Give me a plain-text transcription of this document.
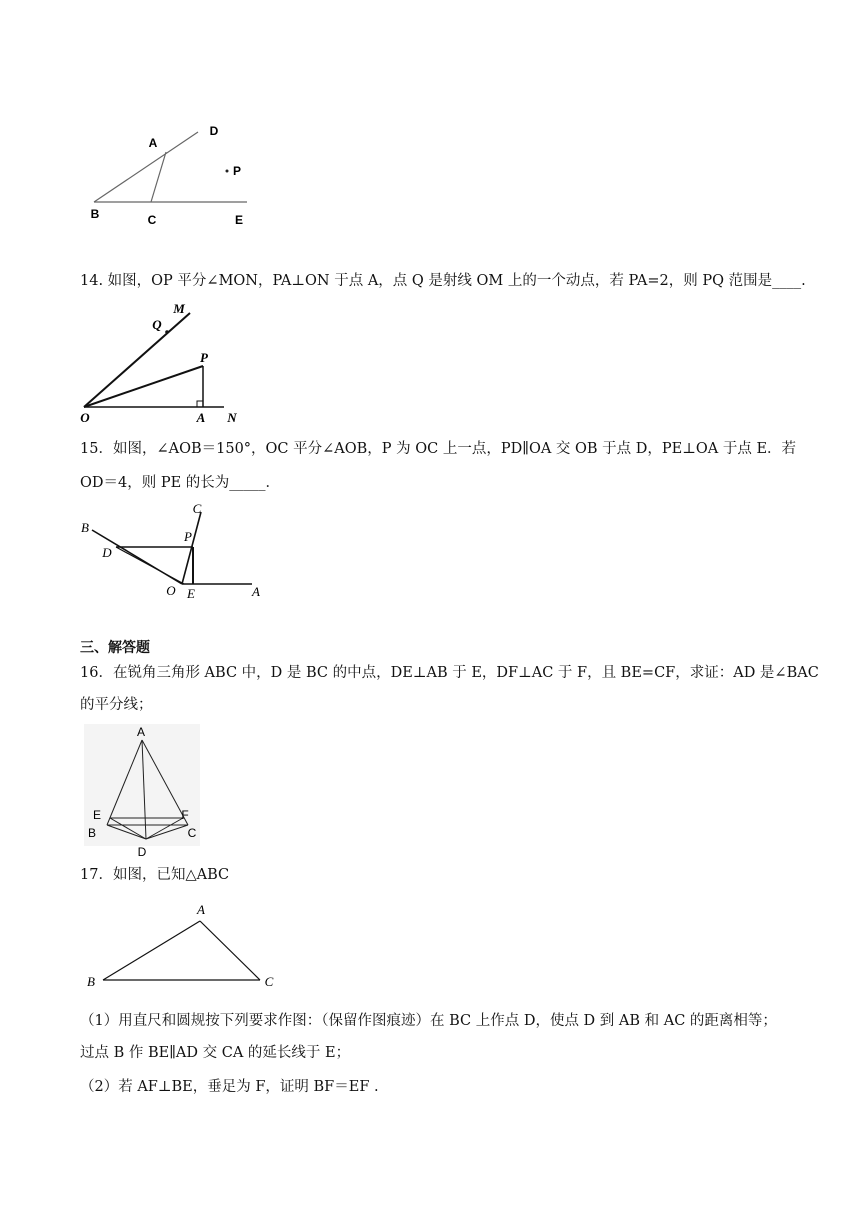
A
D
P
B	C	E
14. 如图，OP 平分∠MON，PA⊥ON 于点 A，点 Q 是射线 OM 上的一个动点，若 PA=2，则 PQ 范围是____.
M
Q
P
O	A N
15．如图，∠AOB＝150°，OC 平分∠AOB，P 为 OC 上一点，PD∥OA 交 OB 于点 D，PE⊥OA 于点 E．若
OD＝4，则 PE 的长为_____．
B
C
D
P
O E	A
三、解答题
16．在锐角三角形 ABC 中，D 是 BC 的中点，DE⊥AB 于 E，DF⊥AC 于 F，且 BE=CF，求证：AD 是∠BAC
的平分线；
A
E	F
B	C
D
17．如图，已知△ABC
A
B	C
（1）用直尺和圆规按下列要求作图：（保留作图痕迹）在 BC 上作点 D，使点 D 到 AB 和 AC 的距离相等；
过点 B 作 BE∥AD 交 CA 的延长线于 E；
（2）若 AF⊥BE，垂足为 F，证明 BF＝EF .
